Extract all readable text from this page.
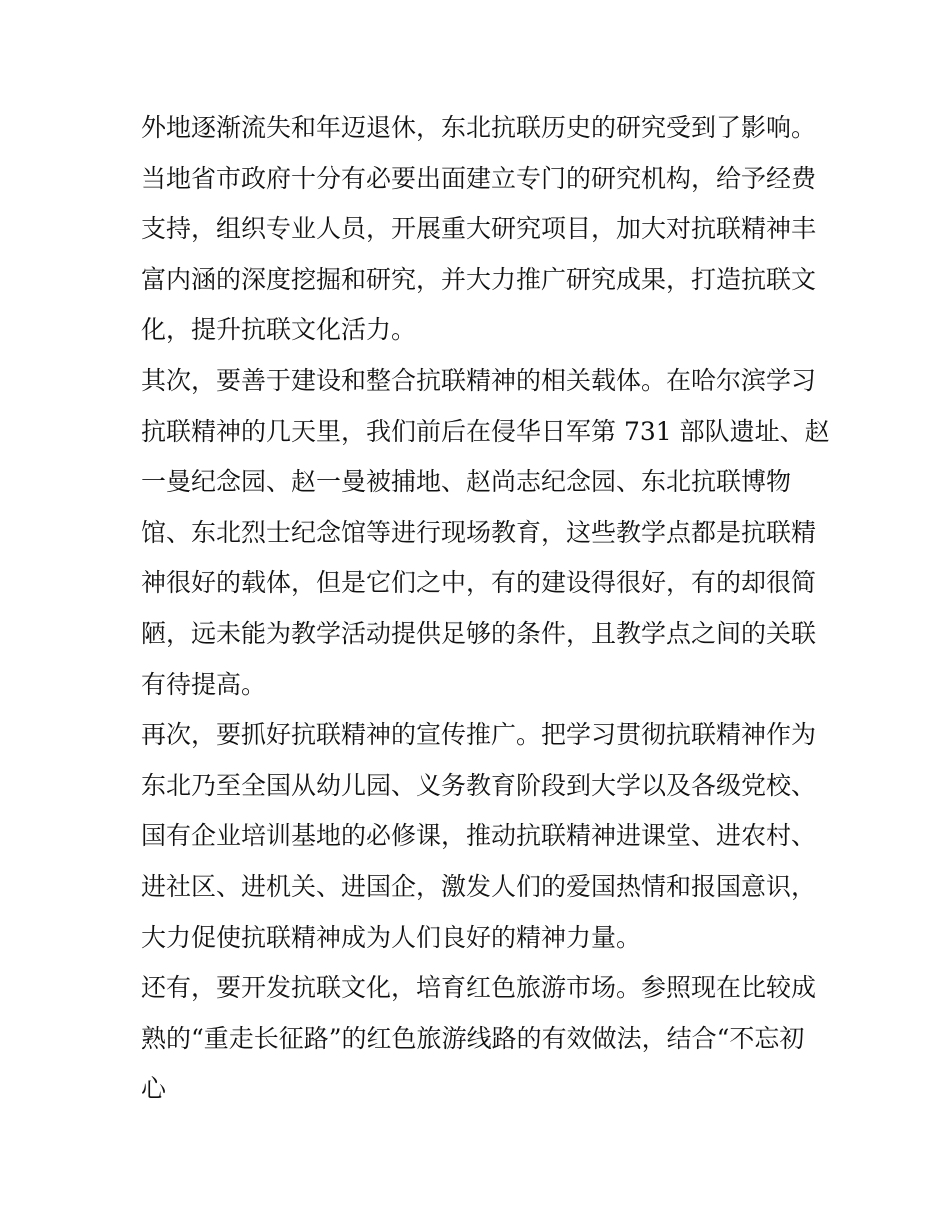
外地逐渐流失和年迈退休，东北抗联历史的研究受到了影响。
当地省市政府十分有必要出面建立专门的研究机构，给予经费
支持，组织专业人员，开展重大研究项目，加大对抗联精神丰
富内涵的深度挖掘和研究，并大力推广研究成果，打造抗联文
化，提升抗联文化活力。
其次，要善于建设和整合抗联精神的相关载体。在哈尔滨学习
抗联精神的几天里，我们前后在侵华日军第 731 部队遗址、赵
一曼纪念园、赵一曼被捕地、赵尚志纪念园、东北抗联博物
馆、东北烈士纪念馆等进行现场教育，这些教学点都是抗联精
神很好的载体，但是它们之中，有的建设得很好，有的却很简
陋，远未能为教学活动提供足够的条件，且教学点之间的关联
有待提高。
再次，要抓好抗联精神的宣传推广。把学习贯彻抗联精神作为
东北乃至全国从幼儿园、义务教育阶段到大学以及各级党校、
国有企业培训基地的必修课，推动抗联精神进课堂、进农村、
进社区、进机关、进国企，激发人们的爱国热情和报国意识，
大力促使抗联精神成为人们良好的精神力量。
还有，要开发抗联文化，培育红色旅游市场。参照现在比较成
熟的“重走长征路”的红色旅游线路的有效做法，结合“不忘初
心
